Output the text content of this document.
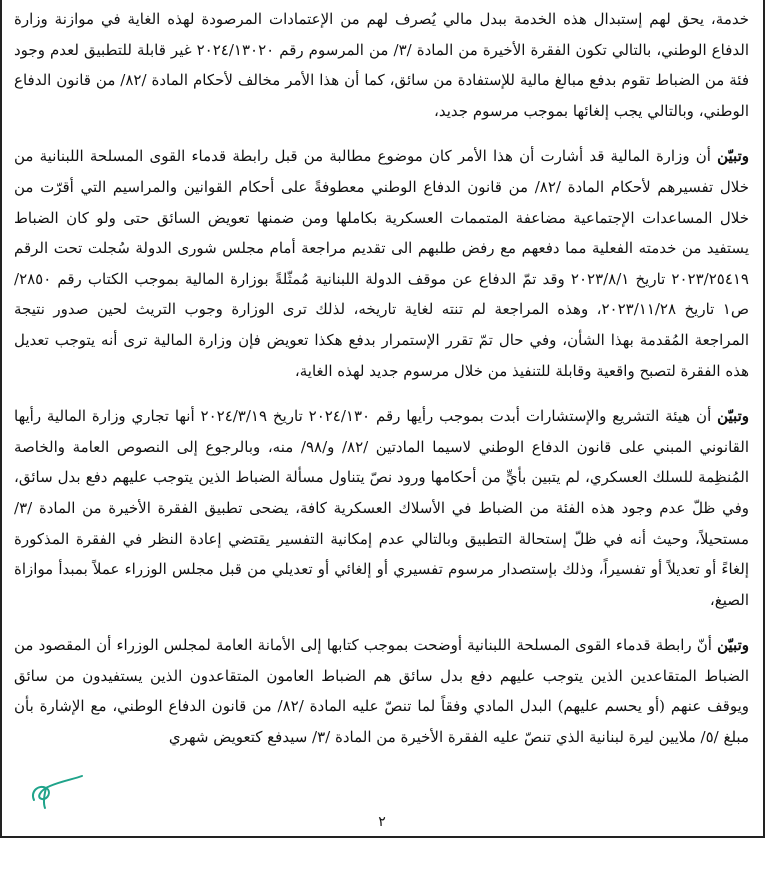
خدمة، يحق لهم إستبدال هذه الخدمة ببدل مالي يُصرف لهم من الإعتمادات المرصودة لهذه الغاية في موازنة وزارة الدفاع الوطني، بالتالي تكون الفقرة الأخيرة من المادة /٣/ من المرسوم رقم ٢٠٢٤/١٣٠٢٠ غير قابلة للتطبيق لعدم وجود فئة من الضباط تقوم بدفع مبالغ مالية للإستفادة من سائق، كما أن هذا الأمر مخالف لأحكام المادة /٨٢/ من قانون الدفاع الوطني، وبالتالي يجب إلغائها بموجب مرسوم جديد،

وتبيّن أن وزارة المالية قد أشارت أن هذا الأمر كان موضوع مطالبة من قبل رابطة قدماء القوى المسلحة اللبنانية من خلال تفسيرهم لأحكام المادة /٨٢/ من قانون الدفاع الوطني معطوفةً على أحكام القوانين والمراسيم التي أقرّت من خلال المساعدات الإجتماعية مضاعفة المتممات العسكرية بكاملها ومن ضمنها تعويض السائق حتى ولو كان الضباط يستفيد من خدمته الفعلية مما دفعهم مع رفض طلبهم الى تقديم مراجعة أمام مجلس شورى الدولة سُجلت تحت الرقم ٢٠٢٣/٢٥٤١٩ تاريخ ٢٠٢٣/٨/١ وقد تمّ الدفاع عن موقف الدولة اللبنانية مُمثّلةً بوزارة المالية بموجب الكتاب رقم ٢٨٥٠/ص١ تاريخ ٢٠٢٣/١١/٢٨، وهذه المراجعة لم تنته لغاية تاريخه، لذلك ترى الوزارة وجوب التريث لحين صدور نتيجة المراجعة المُقدمة بهذا الشأن، وفي حال تمّ تقرر الإستمرار بدفع هكذا تعويض فإن وزارة المالية ترى أنه يتوجب تعديل هذه الفقرة لتصبح واقعية وقابلة للتنفيذ من خلال مرسوم جديد لهذه الغاية،

وتبيّن أن هيئة التشريع والإستشارات أبدت بموجب رأيها رقم ٢٠٢٤/١٣٠ تاريخ ٢٠٢٤/٣/١٩ أنها تجاري وزارة المالية رأيها القانوني المبني على قانون الدفاع الوطني لاسيما المادتين /٨٢/ و/٩٨/ منه، وبالرجوع إلى النصوص العامة والخاصة المُنظِمة للسلك العسكري، لم يتبين بأيٍّ من أحكامها ورود نصّ يتناول مسألة الضباط الذين يتوجب عليهم دفع بدل سائق، وفي ظلّ عدم وجود هذه الفئة من الضباط في الأسلاك العسكرية كافة، يضحى تطبيق الفقرة الأخيرة من المادة /٣/ مستحيلاً، وحيث أنه في ظلّ إستحالة التطبيق وبالتالي عدم إمكانية التفسير يقتضي إعادة النظر في الفقرة المذكورة إلغاءً أو تعديلاً أو تفسيراً، وذلك بإستصدار مرسوم تفسيري أو إلغائي أو تعديلي من قبل مجلس الوزراء عملاً بمبدأ موازاة الصيغ،

وتبيّن أنّ رابطة قدماء القوى المسلحة اللبنانية أوضحت بموجب كتابها إلى الأمانة العامة لمجلس الوزراء أن المقصود من الضباط المتقاعدين الذين يتوجب عليهم دفع بدل سائق هم الضباط العامون المتقاعدون الذين يستفيدون من سائق ويوقف عنهم (أو يحسم عليهم) البدل المادي وفقاً لما تنصّ عليه المادة /٨٢/ من قانون الدفاع الوطني، مع الإشارة بأن مبلغ /٥/ ملايين ليرة لبنانية الذي تنصّ عليه الفقرة الأخيرة من المادة /٣/ سيدفع كتعويض شهري

٢
